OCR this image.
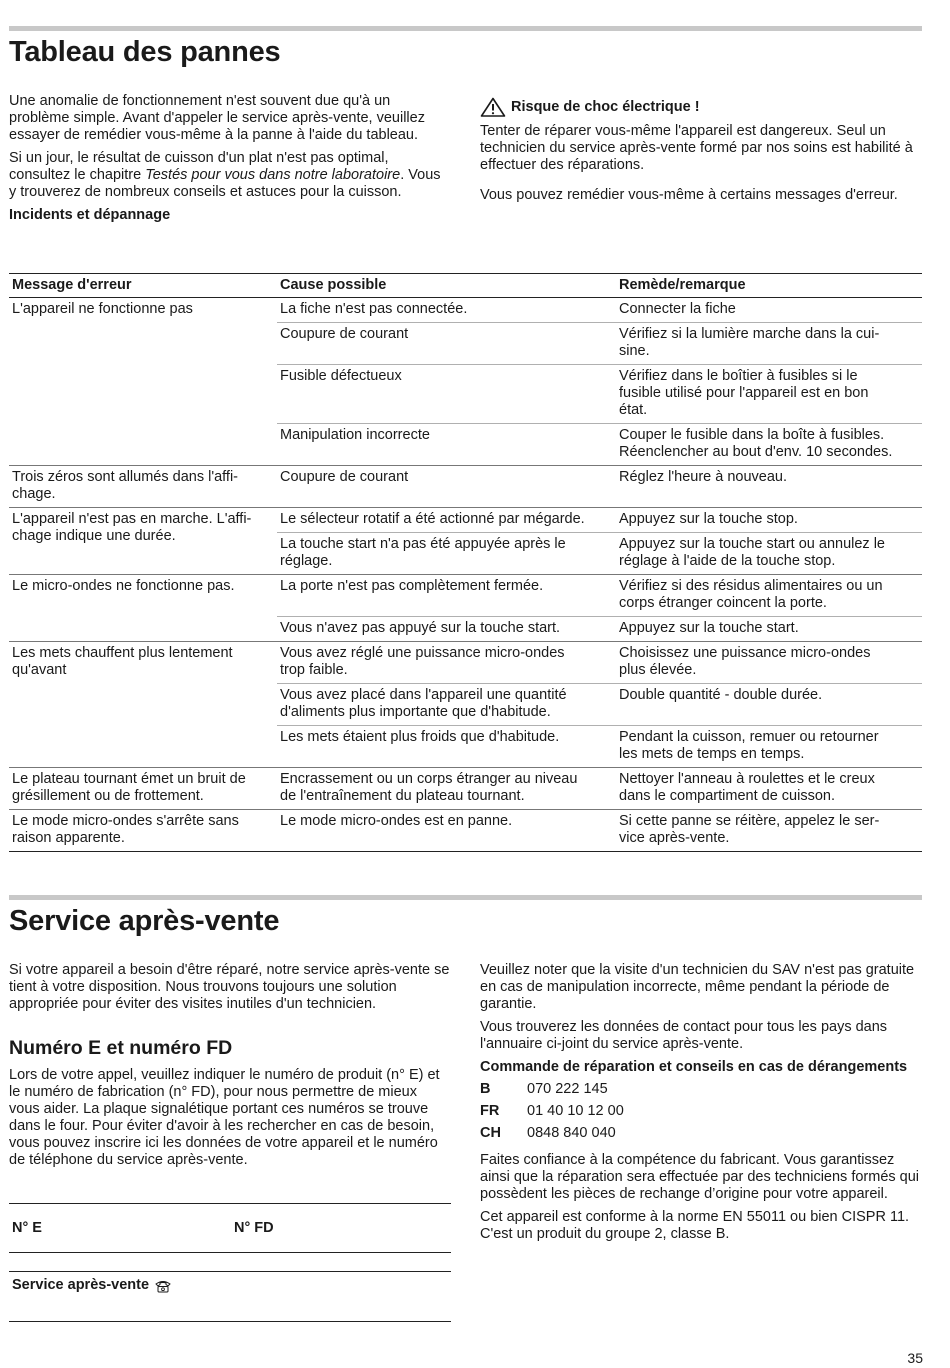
Tableau des pannes

Une anomalie de fonctionnement n'est souvent due qu'à un problème simple. Avant d'appeler le service après-vente, veuillez essayer de remédier vous-même à la panne à l'aide du tableau.

Si un jour, le résultat de cuisson d'un plat n'est pas optimal, consultez le chapitre Testés pour vous dans notre laboratoire. Vous y trouverez de nombreux conseils et astuces pour la cuisson.

Incidents et dépannage

Risque de choc électrique !

Tenter de réparer vous-même l'appareil est dangereux. Seul un technicien du service après-vente formé par nos soins est habilité à effectuer des réparations.

Vous pouvez remédier vous-même à certains messages d'erreur.

Message d'erreur	Cause possible	Remède/remarque
L'appareil ne fonctionne pas	La fiche n'est pas connectée.	Connecter la fiche
	Coupure de courant	Vérifiez si la lumière marche dans la cui-
sine.
	Fusible défectueux	Vérifiez dans le boîtier à fusibles si le
fusible utilisé pour l'appareil est en bon
état.
	Manipulation incorrecte	Couper le fusible dans la boîte à fusibles.
Réenclencher au bout d'env. 10 secondes.
Trois zéros sont allumés dans l'affi-
chage.	Coupure de courant	Réglez l'heure à nouveau.
L'appareil n'est pas en marche. L'affi-
chage indique une durée.	Le sélecteur rotatif a été actionné par mégarde.	Appuyez sur la touche stop.
	La touche start n'a pas été appuyée après le
réglage.	Appuyez sur la touche start ou annulez le
réglage à l'aide de la touche stop.
Le micro-ondes ne fonctionne pas.	La porte n'est pas complètement fermée.	Vérifiez si des résidus alimentaires ou un
corps étranger coincent la porte.
	Vous n'avez pas appuyé sur la touche start.	Appuyez sur la touche start.
Les mets chauffent plus lentement
qu'avant	Vous avez réglé une puissance micro-ondes
trop faible.	Choisissez une puissance micro-ondes
plus élevée.
	Vous avez placé dans l'appareil une quantité
d'aliments plus importante que d'habitude.	Double quantité - double durée.
	Les mets étaient plus froids que d'habitude.	Pendant la cuisson, remuer ou retourner
les mets de temps en temps.
Le plateau tournant émet un bruit de
grésillement ou de frottement.	Encrassement ou un corps étranger au niveau
de l'entraînement du plateau tournant.	Nettoyer l'anneau à roulettes et le creux
dans le compartiment de cuisson.
Le mode micro-ondes s'arrête sans
raison apparente.	Le mode micro-ondes est en panne.	Si cette panne se réitère, appelez le ser-
vice après-vente.
Service après-vente

Si votre appareil a besoin d'être réparé, notre service après-vente se tient à votre disposition. Nous trouvons toujours une solution appropriée pour éviter des visites inutiles d'un technicien.

Numéro E et numéro FD

Lors de votre appel, veuillez indiquer le numéro de produit (n° E) et le numéro de fabrication (n° FD), pour nous permettre de mieux vous aider. La plaque signalétique portant ces numéros se trouve dans le four. Pour éviter d'avoir à les rechercher en cas de besoin, vous pouvez inscrire ici les données de votre appareil et le numéro de téléphone du service après-vente.

N° E	N° FD
Service après-vente

Veuillez noter que la visite d'un technicien du SAV n'est pas gratuite en cas de manipulation incorrecte, même pendant la période de garantie.

Vous trouverez les données de contact pour tous les pays dans l'annuaire ci-joint du service après-vente.

Commande de réparation et conseils en cas de dérangements

B	070 222 145
FR	01 40 10 12 00
CH	0848 840 040

Faites confiance à la compétence du fabricant. Vous garantissez ainsi que la réparation sera effectuée par des techniciens formés qui possèdent les pièces de rechange d’origine pour votre appareil.

Cet appareil est conforme à la norme EN 55011 ou bien CISPR 11. C'est un produit du groupe 2, classe B.

35
